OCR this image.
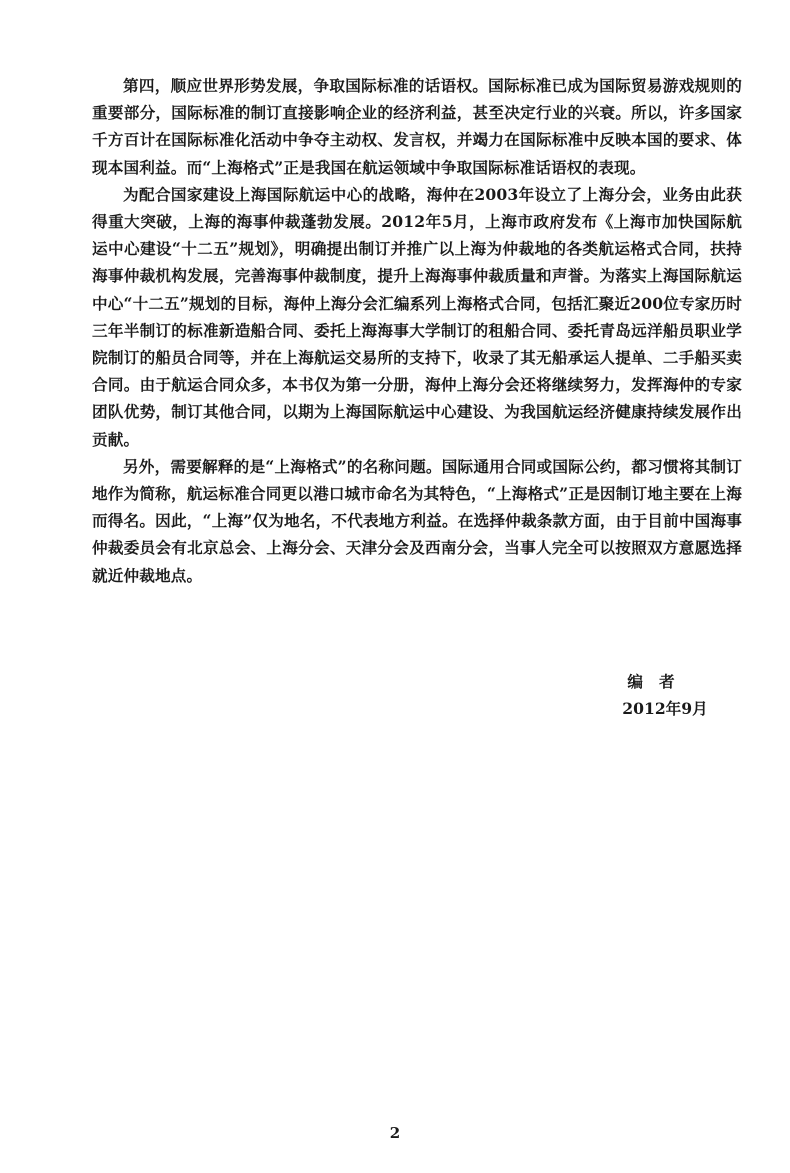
第四，顺应世界形势发展，争取国际标准的话语权。国际标准已成为国际贸易游戏规则的重要部分，国际标准的制订直接影响企业的经济利益，甚至决定行业的兴衰。所以，许多国家千方百计在国际标准化活动中争夺主动权、发言权，并竭力在国际标准中反映本国的要求、体现本国利益。而“上海格式”正是我国在航运领域中争取国际标准话语权的表现。

为配合国家建设上海国际航运中心的战略，海仲在2003年设立了上海分会，业务由此获得重大突破，上海的海事仲裁蓬勃发展。2012年5月，上海市政府发布《上海市加快国际航运中心建设“十二五”规划》，明确提出制订并推广以上海为仲裁地的各类航运格式合同，扶持海事仲裁机构发展，完善海事仲裁制度，提升上海海事仲裁质量和声誉。为落实上海国际航运中心“十二五”规划的目标，海仲上海分会汇编系列上海格式合同，包括汇聚近200位专家历时三年半制订的标准新造船合同、委托上海海事大学制订的租船合同、委托青岛远洋船员职业学院制订的船员合同等，并在上海航运交易所的支持下，收录了其无船承运人提单、二手船买卖合同。由于航运合同众多，本书仅为第一分册，海仲上海分会还将继续努力，发挥海仲的专家团队优势，制订其他合同，以期为上海国际航运中心建设、为我国航运经济健康持续发展作出贡献。

另外，需要解释的是“上海格式”的名称问题。国际通用合同或国际公约，都习惯将其制订地作为简称，航运标准合同更以港口城市命名为其特色，“上海格式”正是因制订地主要在上海而得名。因此，“上海”仅为地名，不代表地方利益。在选择仲裁条款方面，由于目前中国海事仲裁委员会有北京总会、上海分会、天津分会及西南分会，当事人完全可以按照双方意愿选择就近仲裁地点。

编者
2012年9月
2
